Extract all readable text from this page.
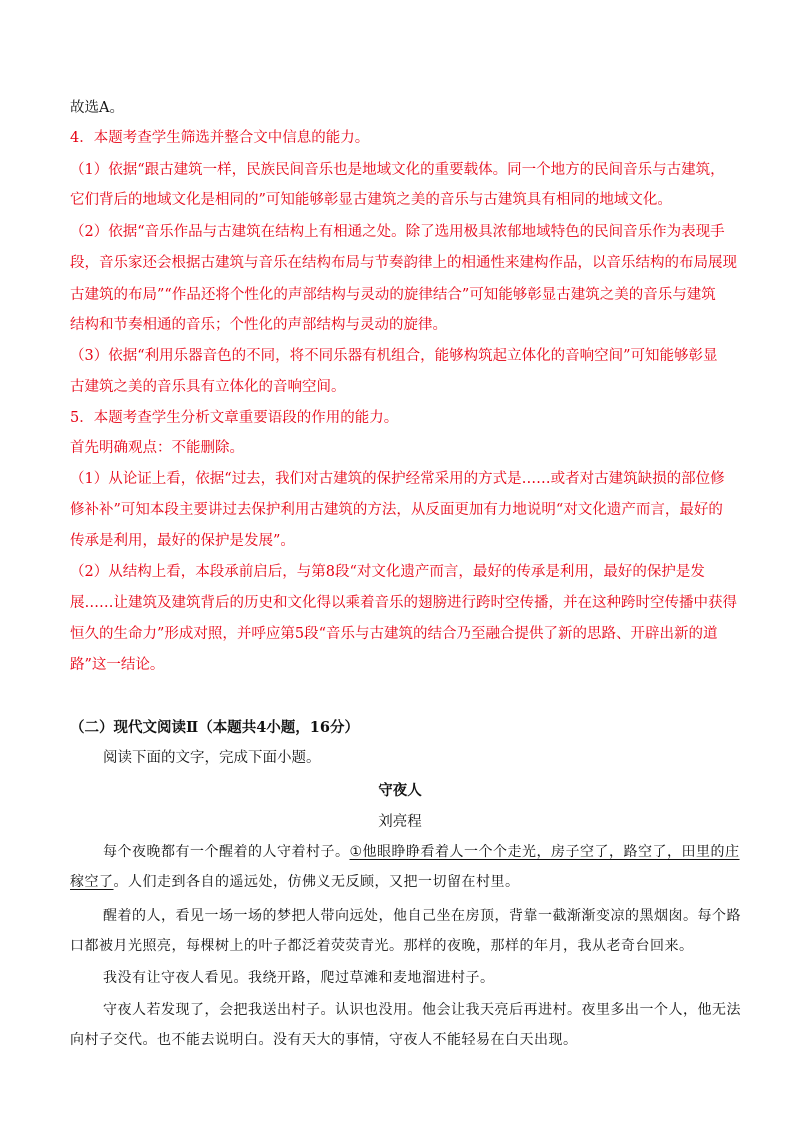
故选A。
4．本题考查学生筛选并整合文中信息的能力。
（1）依据“跟古建筑一样，民族民间音乐也是地域文化的重要载体。同一个地方的民间音乐与古建筑，
它们背后的地域文化是相同的”可知能够彰显古建筑之美的音乐与古建筑具有相同的地域文化。
（2）依据“音乐作品与古建筑在结构上有相通之处。除了选用极具浓郁地域特色的民间音乐作为表现手
段，音乐家还会根据古建筑与音乐在结构布局与节奏韵律上的相通性来建构作品，以音乐结构的布局展现
古建筑的布局”“作品还将个性化的声部结构与灵动的旋律结合”可知能够彰显古建筑之美的音乐与建筑
结构和节奏相通的音乐；个性化的声部结构与灵动的旋律。
（3）依据“利用乐器音色的不同，将不同乐器有机组合，能够构筑起立体化的音响空间”可知能够彰显
古建筑之美的音乐具有立体化的音响空间。
5．本题考查学生分析文章重要语段的作用的能力。
首先明确观点：不能删除。
（1）从论证上看，依据“过去，我们对古建筑的保护经常采用的方式是……或者对古建筑缺损的部位修
修补补”可知本段主要讲过去保护利用古建筑的方法，从反面更加有力地说明“对文化遗产而言，最好的
传承是利用，最好的保护是发展”。
（2）从结构上看，本段承前启后，与第8段“对文化遗产而言，最好的传承是利用，最好的保护是发
展……让建筑及建筑背后的历史和文化得以乘着音乐的翅膀进行跨时空传播，并在这种跨时空传播中获得
恒久的生命力”形成对照，并呼应第5段“音乐与古建筑的结合乃至融合提供了新的思路、开辟出新的道
路”这一结论。
（二）现代文阅读Ⅱ（本题共4小题，16分）
阅读下面的文字，完成下面小题。
守夜人
刘亮程
每个夜晚都有一个醒着的人守着村子。①他眼睁睁看着人一个个走光，房子空了，路空了，田里的庄
稼空了。人们走到各自的遥远处，仿佛义无反顾，又把一切留在村里。
醒着的人，看见一场一场的梦把人带向远处，他自己坐在房顶，背靠一截渐渐变凉的黑烟囱。每个路
口都被月光照亮，每棵树上的叶子都泛着荧荧青光。那样的夜晚，那样的年月，我从老奇台回来。
我没有让守夜人看见。我绕开路，爬过草滩和麦地溜进村子。
守夜人若发现了，会把我送出村子。认识也没用。他会让我天亮后再进村。夜里多出一个人，他无法
向村子交代。也不能去说明白。没有天大的事情，守夜人不能轻易在白天出现。
